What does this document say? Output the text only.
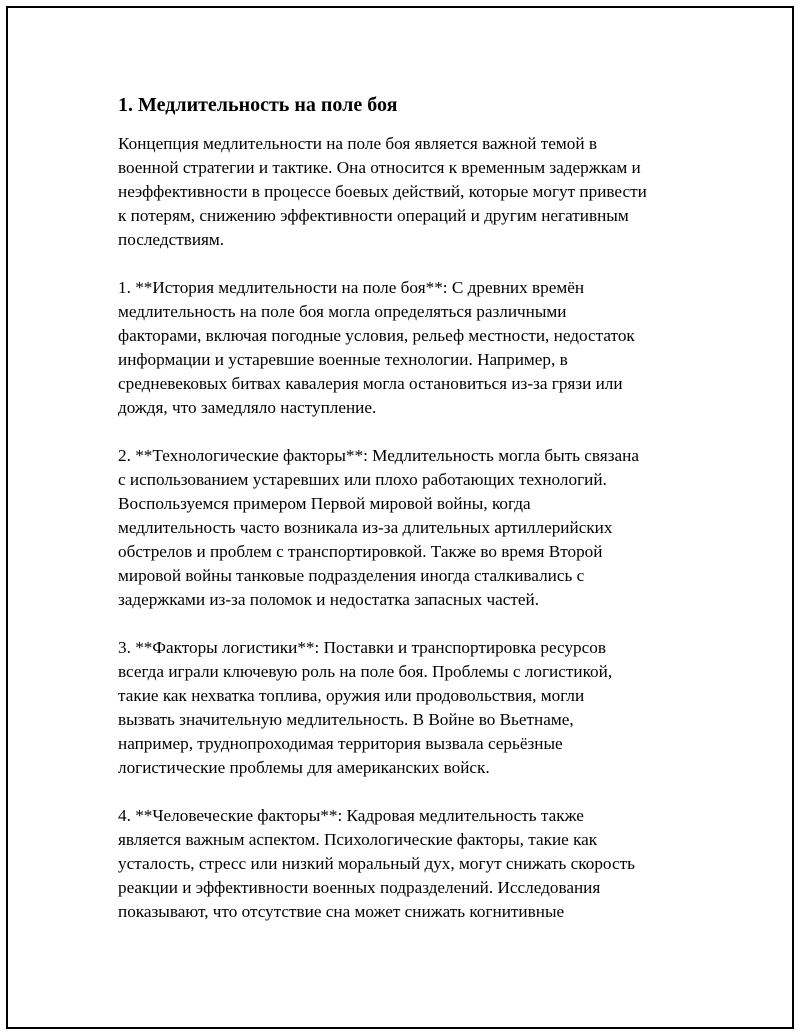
1. Медлительность на поле боя

Концепция медлительности на поле боя является важной темой в
военной стратегии и тактике. Она относится к временным задержкам и
неэффективности в процессе боевых действий, которые могут привести
к потерям, снижению эффективности операций и другим негативным
последствиям.

1. **История медлительности на поле боя**: С древних времён
медлительность на поле боя могла определяться различными
факторами, включая погодные условия, рельеф местности, недостаток
информации и устаревшие военные технологии. Например, в
средневековых битвах кавалерия могла остановиться из-за грязи или
дождя, что замедляло наступление.

2. **Технологические факторы**: Медлительность могла быть связана
с использованием устаревших или плохо работающих технологий.
Воспользуемся примером Первой мировой войны, когда
медлительность часто возникала из-за длительных артиллерийских
обстрелов и проблем с транспортировкой. Также во время Второй
мировой войны танковые подразделения иногда сталкивались с
задержками из-за поломок и недостатка запасных частей.

3. **Факторы логистики**: Поставки и транспортировка ресурсов
всегда играли ключевую роль на поле боя. Проблемы с логистикой,
такие как нехватка топлива, оружия или продовольствия, могли
вызвать значительную медлительность. В Войне во Вьетнаме,
например, труднопроходимая территория вызвала серьёзные
логистические проблемы для американских войск.

4. **Человеческие факторы**: Кадровая медлительность также
является важным аспектом. Психологические факторы, такие как
усталость, стресс или низкий моральный дух, могут снижать скорость
реакции и эффективности военных подразделений. Исследования
показывают, что отсутствие сна может снижать когнитивные
